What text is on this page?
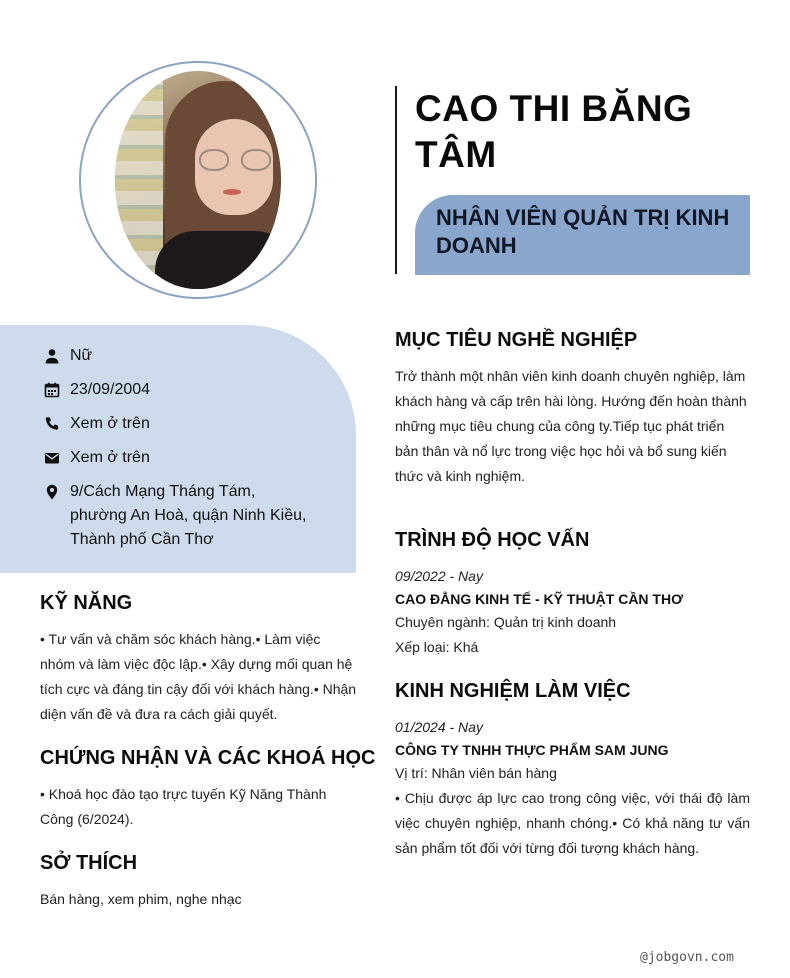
CAO THI BĂNG TÂM
NHÂN VIÊN QUẢN TRỊ KINH DOANH
Nữ
23/09/2004
Xem ở trên
Xem ở trên
9/Cách Mạng Tháng Tám, phường An Hoà, quận Ninh Kiều, Thành phố Cần Thơ
KỸ NĂNG

• Tư vấn và chăm sóc khách hàng.• Làm việc nhóm và làm việc độc lập.• Xây dựng mối quan hệ tích cực và đáng tin cậy đối với khách hàng.• Nhận diện vấn đề và đưa ra cách giải quyết.

CHỨNG NHẬN VÀ CÁC KHOÁ HỌC

• Khoá học đào tạo trực tuyến Kỹ Năng Thành Công (6/2024).

SỞ THÍCH

Bán hàng, xem phim, nghe nhạc

MỤC TIÊU NGHỀ NGHIỆP

Trở thành một nhân viên kinh doanh chuyên nghiệp, làm khách hàng và cấp trên hài lòng. Hướng đến hoàn thành những mục tiêu chung của công ty.Tiếp tục phát triển bản thân và nổ lực trong việc học hỏi và bổ sung kiến thức và kinh nghiệm.

TRÌNH ĐỘ HỌC VẤN
09/2022 - Nay
CAO ĐẲNG KINH TẾ - KỸ THUẬT CẦN THƠ
Chuyên ngành: Quản trị kinh doanh
Xếp loại: Khá
KINH NGHIỆM LÀM VIỆC
01/2024 - Nay
CÔNG TY TNHH THỰC PHẨM SAM JUNG
Vị trí: Nhân viên bán hàng

• Chịu được áp lực cao trong công việc, với thái độ làm việc chuyên nghiệp, nhanh chóng.• Có khả năng tư vấn sản phẩm tốt đối với từng đối tượng khách hàng.

@jobgovn.com
